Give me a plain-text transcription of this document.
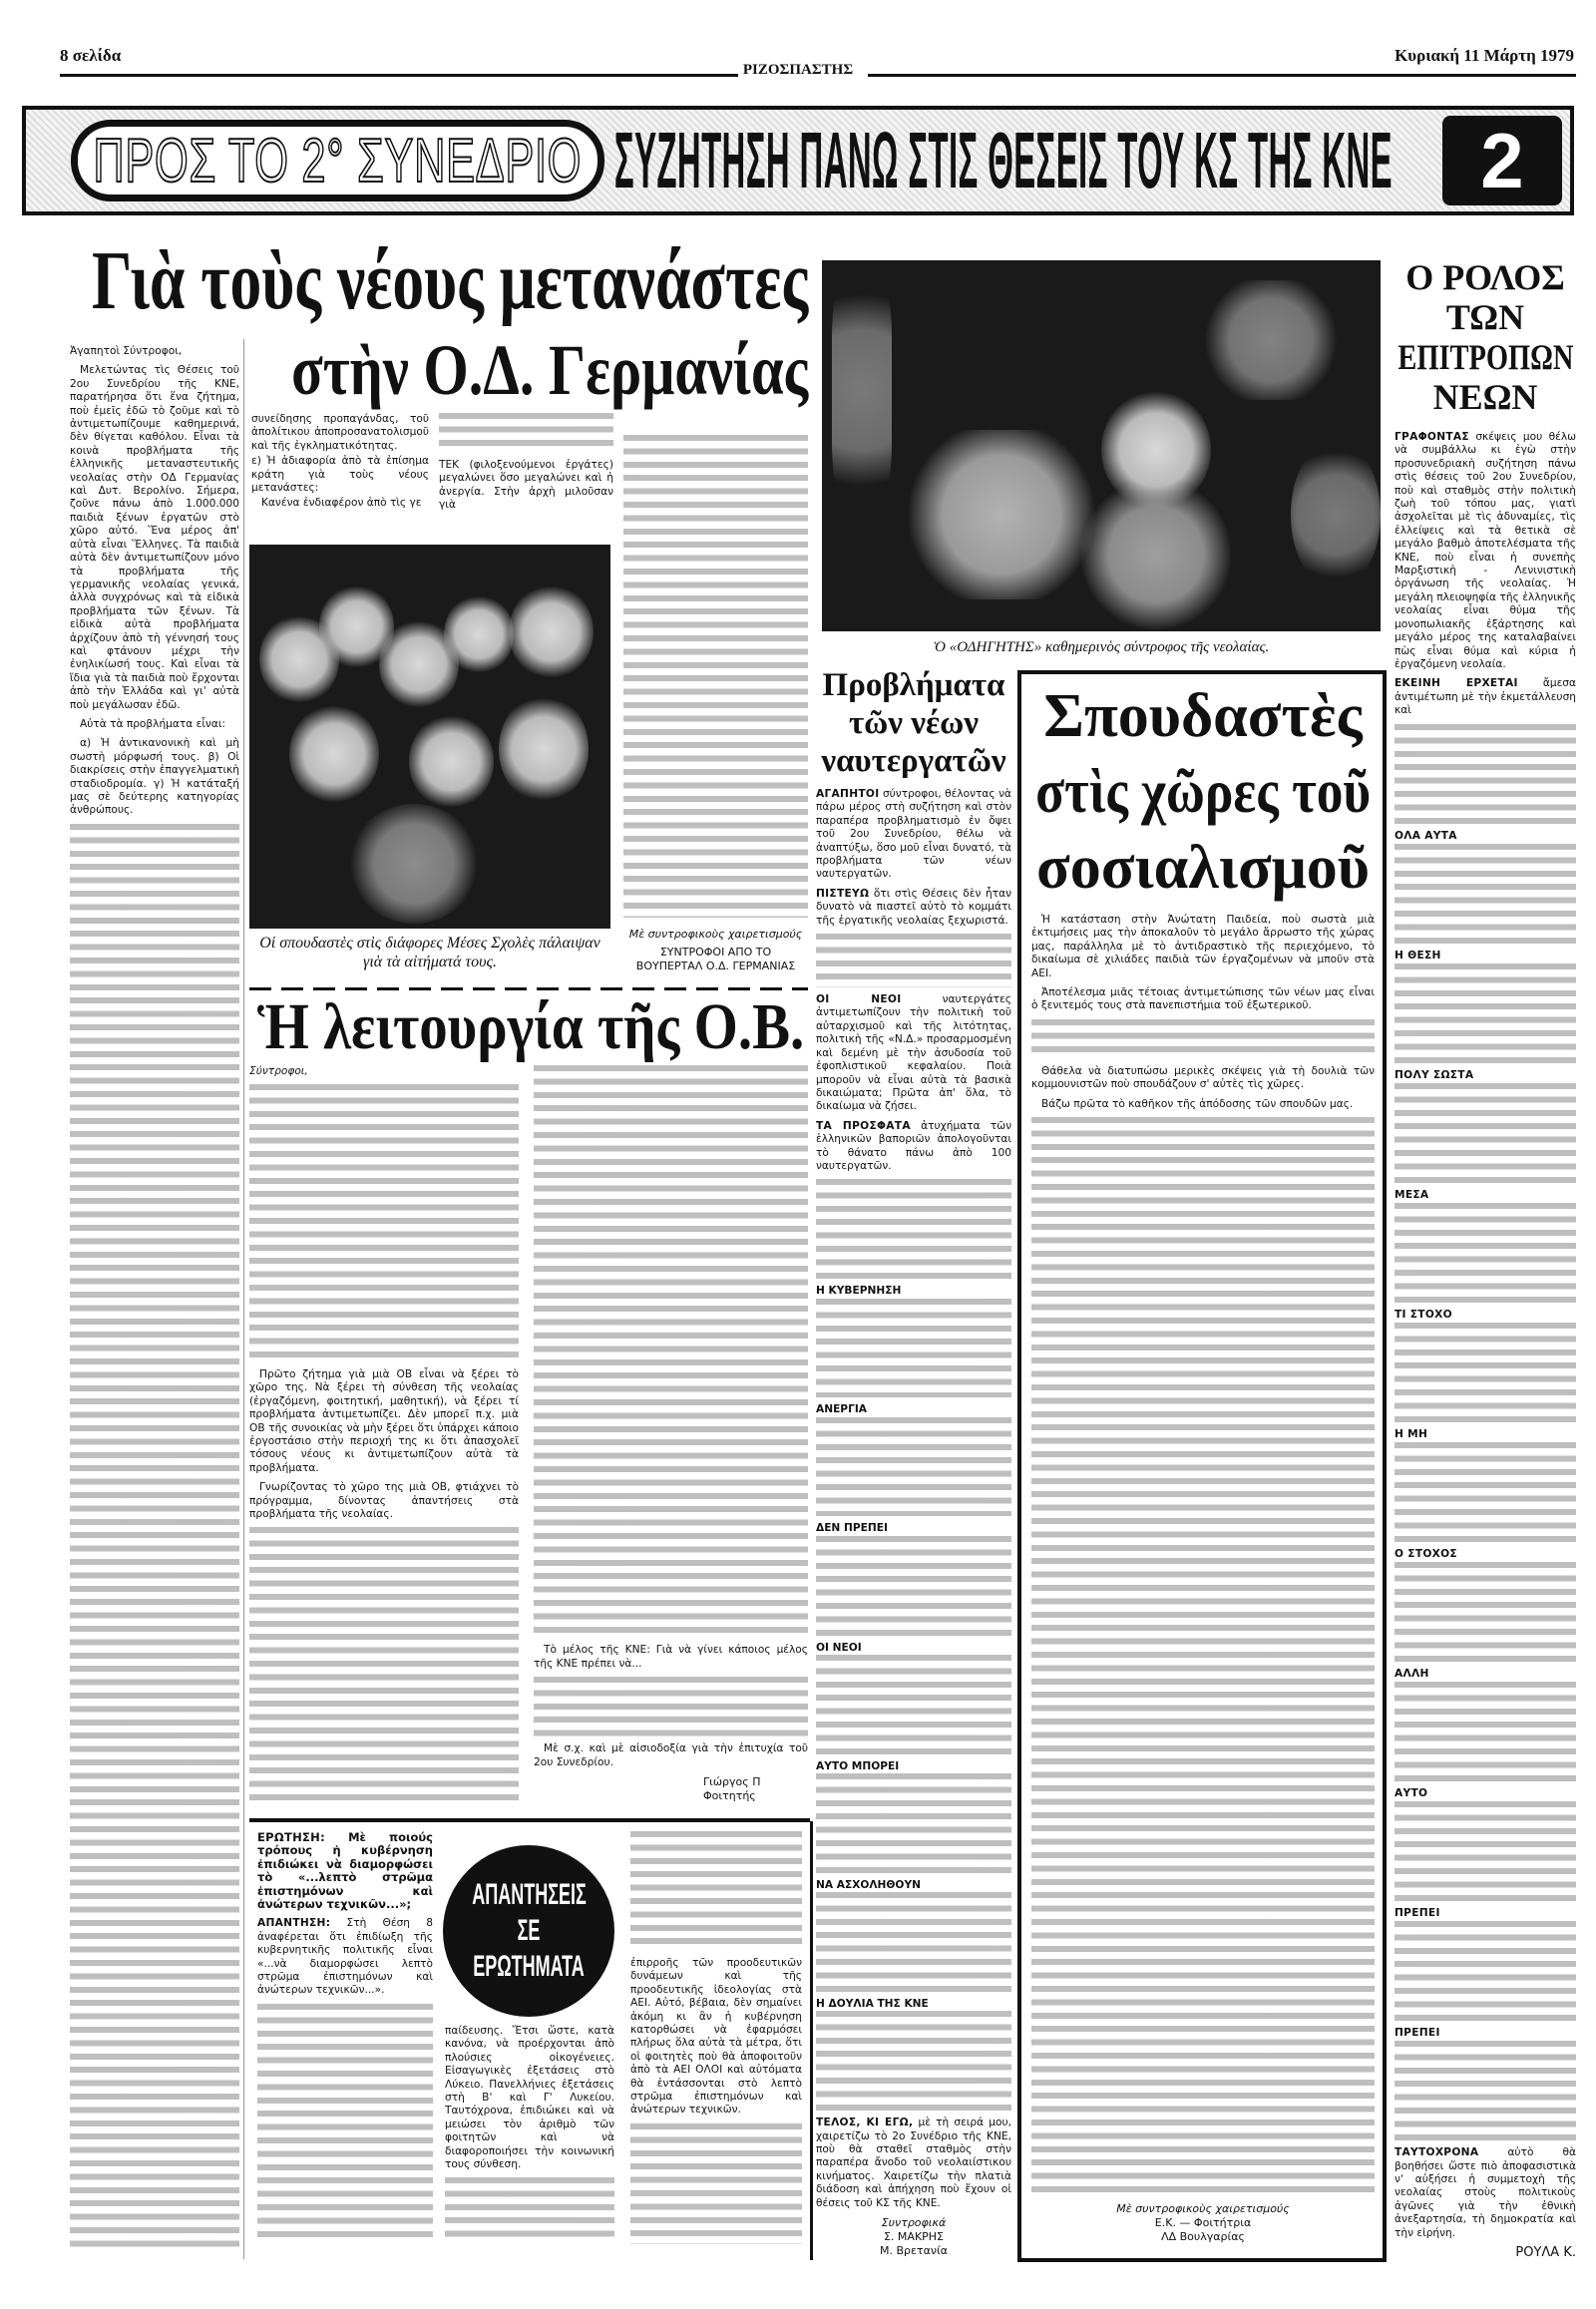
8 σελίδα
ΡΙΖΟΣΠΑΣΤΗΣ
Κυριακή 11 Μάρτη 1979
ΠΡΟΣ ΤΟ 2° ΣΥΝΕΔΡΙΟ ΣΥΖΗΤΗΣΗ ΠΑΝΩ ΣΤΙΣ ΘΕΣΕΙΣ ΤΟΥ ΚΣ ΤΗΣ ΚΝΕ	2
Γιὰ τοὺς νέους μετανάστες
στὴν Ο.Δ. Γερμανίας

Ἀγαπητοὶ Σύντροφοι,

Μελετώντας τὶς Θέσεις τοῦ 2ου Συνεδρίου τῆς ΚΝΕ, παρατήρησα ὅτι ἕνα ζήτημα, ποὺ ἐμεῖς ἐδῶ τὸ ζοῦμε καὶ τὸ ἀντιμετωπίζουμε καθημερινά, δὲν θίγεται καθόλου. Εἶναι τὰ κοινὰ προβλήματα τῆς ἑλληνικῆς μεταναστευτικῆς νεολαίας στὴν ΟΔ Γερμανίας καὶ Δυτ. Βερολίνο. Σήμερα, ζοῦνε πάνω ἀπὸ 1.000.000 παιδιὰ ξένων ἐργατῶν στὸ χῶρο αὐτό. Ἕνα μέρος ἀπ' αὐτὰ εἶναι Ἕλληνες. Τὰ παιδιὰ αὐτὰ δὲν ἀντιμετωπίζουν μόνο τὰ προβλήματα τῆς γερμανικῆς νεολαίας γενικά, ἀλλὰ συγχρόνως καὶ τὰ εἰδικὰ προβλήματα τῶν ξένων. Τὰ εἰδικὰ αὐτὰ προβλήματα ἀρχίζουν ἀπὸ τὴ γέννησή τους καὶ φτάνουν μέχρι τὴν ἐνηλικίωσή τους. Καὶ εἶναι τὰ ἴδια γιὰ τὰ παιδιὰ ποὺ ἔρχονται ἀπὸ τὴν Ἑλλάδα καὶ γι' αὐτὰ ποὺ μεγάλωσαν ἐδῶ.

Αὐτὰ τὰ προβλήματα εἶναι:

α) Ἡ ἀντικανονικὴ καὶ μὴ σωστὴ μόρφωσή τους. β) Οἱ διακρίσεις στὴν ἐπαγγελματικὴ σταδιοδρομία. γ) Ἡ κατάταξή μας σὲ δεύτερης κατηγορίας ἀνθρώπους.

συνείδησης προπαγάνδας, τοῦ ἀπολίτικου ἀποπροσανατολισμοῦ καὶ τῆς ἐγκληματικότητας.

ε) Ἡ ἀδιαφορία ἀπὸ τὰ ἐπίσημα κράτη γιὰ τοὺς νέους μετανάστες:

Κανένα ἐνδιαφέρον ἀπὸ τὶς γε

ΤΕΚ (φιλοξενούμενοι ἐργάτες) μεγαλώνει ὅσο μεγαλώνει καὶ ἡ ἀνεργία. Στὴν ἀρχὴ μιλοῦσαν γιὰ

Οἱ σπουδαστὲς στὶς διάφορες Μέσες Σχολὲς πάλαιψαν γιὰ τὰ αἰτήματά τους.
Μὲ συντροφικοὺς χαιρετισμούς
ΣΥΝΤΡΟΦΟΙ ΑΠΟ ΤΟ
ΒΟΥΠΕΡΤΑΛ Ο.Δ. ΓΕΡΜΑΝΙΑΣ
Ἡ λειτουργία τῆς Ο.Β.

Σύντροφοι,

Πρῶτο ζήτημα γιὰ μιὰ ΟΒ εἶναι νὰ ξέρει τὸ χῶρο της. Νὰ ξέρει τὴ σύνθεση τῆς νεολαίας (ἐργαζόμενη, φοιτητική, μαθητική), νὰ ξέρει τί προβλήματα ἀντιμετωπίζει. Δὲν μπορεῖ π.χ. μιὰ ΟΒ τῆς συνοικίας νὰ μὴν ξέρει ὅτι ὑπάρχει κάποιο ἐργοστάσιο στὴν περιοχή της κι ὅτι ἀπασχολεῖ τόσους νέους κι ἀντιμετωπίζουν αὐτὰ τὰ προβλήματα.

Γνωρίζοντας τὸ χῶρο της μιὰ ΟΒ, φτιάχνει τὸ πρόγραμμα, δίνοντας ἀπαντήσεις στὰ προβλήματα τῆς νεολαίας.

Τὸ μέλος τῆς ΚΝΕ: Γιὰ νὰ γίνει κάποιος μέλος τῆς ΚΝΕ πρέπει νὰ...

Μὲ σ.χ. καὶ μὲ αἰσιοδοξία γιὰ τὴν ἐπιτυχία τοῦ 2ου Συνεδρίου.

Γιώργος Π
Φοιτητής

ΕΡΩΤΗΣΗ: Μὲ ποιούς τρόπους ἡ κυβέρνηση ἐπιδιώκει νὰ διαμορφώσει τὸ «...λεπτὸ στρῶμα ἐπιστημόνων καὶ ἀνώτερων τεχνικῶν...»;

ΑΠΑΝΤΗΣΗ: Στὴ Θέση 8 ἀναφέρεται ὅτι ἐπιδίωξη τῆς κυβερνητικῆς πολιτικῆς εἶναι «...νὰ διαμορφώσει λεπτὸ στρῶμα ἐπιστημόνων καὶ ἀνώτερων τεχνικῶν...».

ΑΠΑΝΤΗΣΕΙΣ
ΣΕ
ΕΡΩΤΗΜΑΤΑ

παίδευσης. Ἔτσι ὥστε, κατὰ κανόνα, νὰ προέρχονται ἀπὸ πλούσιες οἰκογένειες. Εἰσαγωγικὲς ἐξετάσεις στὸ Λύκειο. Πανελλήνιες ἐξετάσεις στὴ Β' καὶ Γ' Λυκείου. Ταυτόχρονα, ἐπιδιώκει καὶ νὰ μειώσει τὸν ἀριθμὸ τῶν φοιτητῶν καὶ νὰ διαφοροποιήσει τὴν κοινωνική τους σύνθεση.

ἐπιρροῆς τῶν προοδευτικῶν δυνάμεων καὶ τῆς προοδευτικῆς ἰδεολογίας στὰ ΑΕΙ. Αὐτό, βέβαια, δὲν σημαίνει ἀκόμη κι ἂν ἡ κυβέρνηση κατορθώσει νὰ ἐφαρμόσει πλήρως ὅλα αὐτὰ τὰ μέτρα, ὅτι οἱ φοιτητὲς ποὺ θὰ ἀποφοιτοῦν ἀπὸ τὰ ΑΕΙ ΟΛΟΙ καὶ αὐτόματα θὰ ἐντάσσονται στὸ λεπτὸ στρῶμα ἐπιστημόνων καὶ ἀνώτερων τεχνικῶν.

Ὁ «ΟΔΗΓΗΤΗΣ» καθημερινὸς σύντροφος τῆς νεολαίας.
Προβλήματα
τῶν νέων
ναυτεργατῶν

ΑΓΑΠΗΤΟΙ σύντροφοι, θέλοντας νὰ πάρω μέρος στὴ συζήτηση καὶ στὸν παραπέρα προβληματισμὸ ἐν ὄψει τοῦ 2ου Συνεδρίου, θέλω νὰ ἀναπτύξω, ὅσο μοῦ εἶναι δυνατό, τὰ προβλήματα τῶν νέων ναυτεργατῶν.

ΠΙΣΤΕΥΩ ὅτι στὶς Θέσεις δὲν ἦταν δυνατὸ νὰ πιαστεῖ αὐτὸ τὸ κομμάτι τῆς ἐργατικῆς νεολαίας ξεχωριστά.

ΟΙ ΝΕΟΙ	ναυτεργάτες ἀντιμετωπίζουν τὴν πολιτικὴ τοῦ αὐταρχισμοῦ καὶ τῆς λιτότητας, πολιτικὴ τῆς «Ν.Δ.» προσαρμοσμένη καὶ δεμένη μὲ τὴν ἀσυδοσία τοῦ ἐφοπλιστικοῦ κεφαλαίου. Ποιὰ μποροῦν νὰ εἶναι αὐτὰ τὰ βασικὰ δικαιώματα; Πρῶτα ἀπ' ὅλα, τὸ δικαίωμα νὰ ζήσει.

ΤΑ ΠΡΟΣΦΑΤΑ ἀτυχήματα τῶν ἑλληνικῶν βαποριῶν ἀπολογοῦνται τὸ θάνατο πάνω ἀπὸ 100 ναυτεργατῶν.

Η ΚΥΒΕΡΝΗΣΗ

ΑΝΕΡΓΙΑ

ΔΕΝ ΠΡΕΠΕΙ

ΟΙ ΝΕΟΙ

ΑΥΤΟ ΜΠΟΡΕΙ

ΝΑ ΑΣΧΟΛΗΘΟΥΝ

Η ΔΟΥΛΙΑ ΤΗΣ ΚΝΕ

ΤΕΛΟΣ, ΚΙ ΕΓΩ, μὲ τὴ σειρά μου, χαιρετίζω τὸ 2ο Συνέδριο τῆς ΚΝΕ, ποὺ θὰ σταθεῖ σταθμὸς στὴν παραπέρα ἄνοδο τοῦ νεολαιίστικου κινήματος. Χαιρετίζω τὴν πλατιὰ διάδοση καὶ ἀπήχηση ποὺ ἔχουν οἱ θέσεις τοῦ ΚΣ τῆς ΚΝΕ.

Συντροφικά
Σ. ΜΑΚΡΗΣ
Μ. Βρετανία
Σπουδαστὲς
στὶς χῶρες τοῦ
σοσιαλισμοῦ

Ἡ κατάσταση στὴν Ἀνώτατη Παιδεία, ποὺ σωστὰ μιὰ ἐκτιμήσεις μας τὴν ἀποκαλοῦν τὸ μεγάλο ἄρρωστο τῆς χώρας μας, παράλληλα μὲ τὸ ἀντιδραστικὸ τῆς περιεχόμενο, τὸ δικαίωμα σὲ χιλιάδες παιδιὰ τῶν ἐργαζομένων νὰ μποῦν στὰ ΑΕΙ.

Ἀποτέλεσμα μιᾶς τέτοιας ἀντιμετώπισης τῶν νέων μας εἶναι ὁ ξενιτεμός τους στὰ πανεπιστήμια τοῦ ἐξωτερικοῦ.

Θάθελα νὰ διατυπώσω μερικὲς σκέψεις γιὰ τὴ δουλιὰ τῶν κομμουνιστῶν ποὺ σπουδάζουν σ' αὐτὲς τὶς χῶρες.

Βάζω πρῶτα τὸ καθῆκον τῆς ἀπόδοσης τῶν σπουδῶν μας.

Μὲ συντροφικοὺς χαιρετισμούς
Ε.Κ. — Φοιτήτρια
ΛΔ Βουλγαρίας
Ο ΡΟΛΟΣ
ΤΩΝ
ΕΠΙΤΡΟΠΩΝ
ΝΕΩΝ

ΓΡΑΦΟΝΤΑΣ σκέψεις μου θέλω νὰ συμβάλλω κι ἐγὼ στὴν προσυνεδριακὴ συζήτηση πάνω στὶς θέσεις τοῦ 2ου Συνεδρίου, ποὺ καὶ σταθμὸς στὴν πολιτικὴ ζωὴ τοῦ τόπου μας, γιατὶ ἀσχολεῖται μὲ τὶς ἀδυναμίες, τὶς ἐλλείψεις καὶ τὰ θετικὰ σὲ μεγάλο βαθμὸ ἀποτελέσματα τῆς ΚΝΕ, ποὺ εἶναι ἡ συνεπὴς Μαρξιστικὴ - Λενινιστικὴ ὀργάνωση τῆς νεολαίας. Ἡ μεγάλη πλειοψηφία τῆς ἑλληνικῆς νεολαίας εἶναι θύμα τῆς μονοπωλιακῆς ἐξάρτησης καὶ μεγάλο μέρος της καταλαβαίνει πὼς εἶναι θύμα καὶ κύρια ἡ ἐργαζόμενη νεολαία.

ΕΚΕΙΝΗ ΕΡΧΕΤΑΙ ἄμεσα ἀντιμέτωπη μὲ τὴν ἐκμετάλλευση καὶ

ΟΛΑ ΑΥΤΑ

Η ΘΕΣΗ

ΠΟΛΥ ΣΩΣΤΑ

ΜΕΣΑ

ΤΙ ΣΤΟΧΟ

Η ΜΗ

Ο ΣΤΟΧΟΣ

ΑΛΛΗ

ΑΥΤΟ

ΠΡΕΠΕΙ

ΠΡΕΠΕΙ

ΤΑΥΤΟΧΡΟΝΑ	αὐτὸ θὰ βοηθήσει ὥστε πιὸ ἀποφασιστικὰ ν' αὐξήσει ἡ συμμετοχὴ τῆς νεολαίας στοὺς πολιτικοὺς ἀγῶνες γιὰ τὴν ἐθνικὴ ἀνεξαρτησία, τὴ δημοκρατία καὶ τὴν εἰρήνη.

ΡΟΥΛΑ Κ.
